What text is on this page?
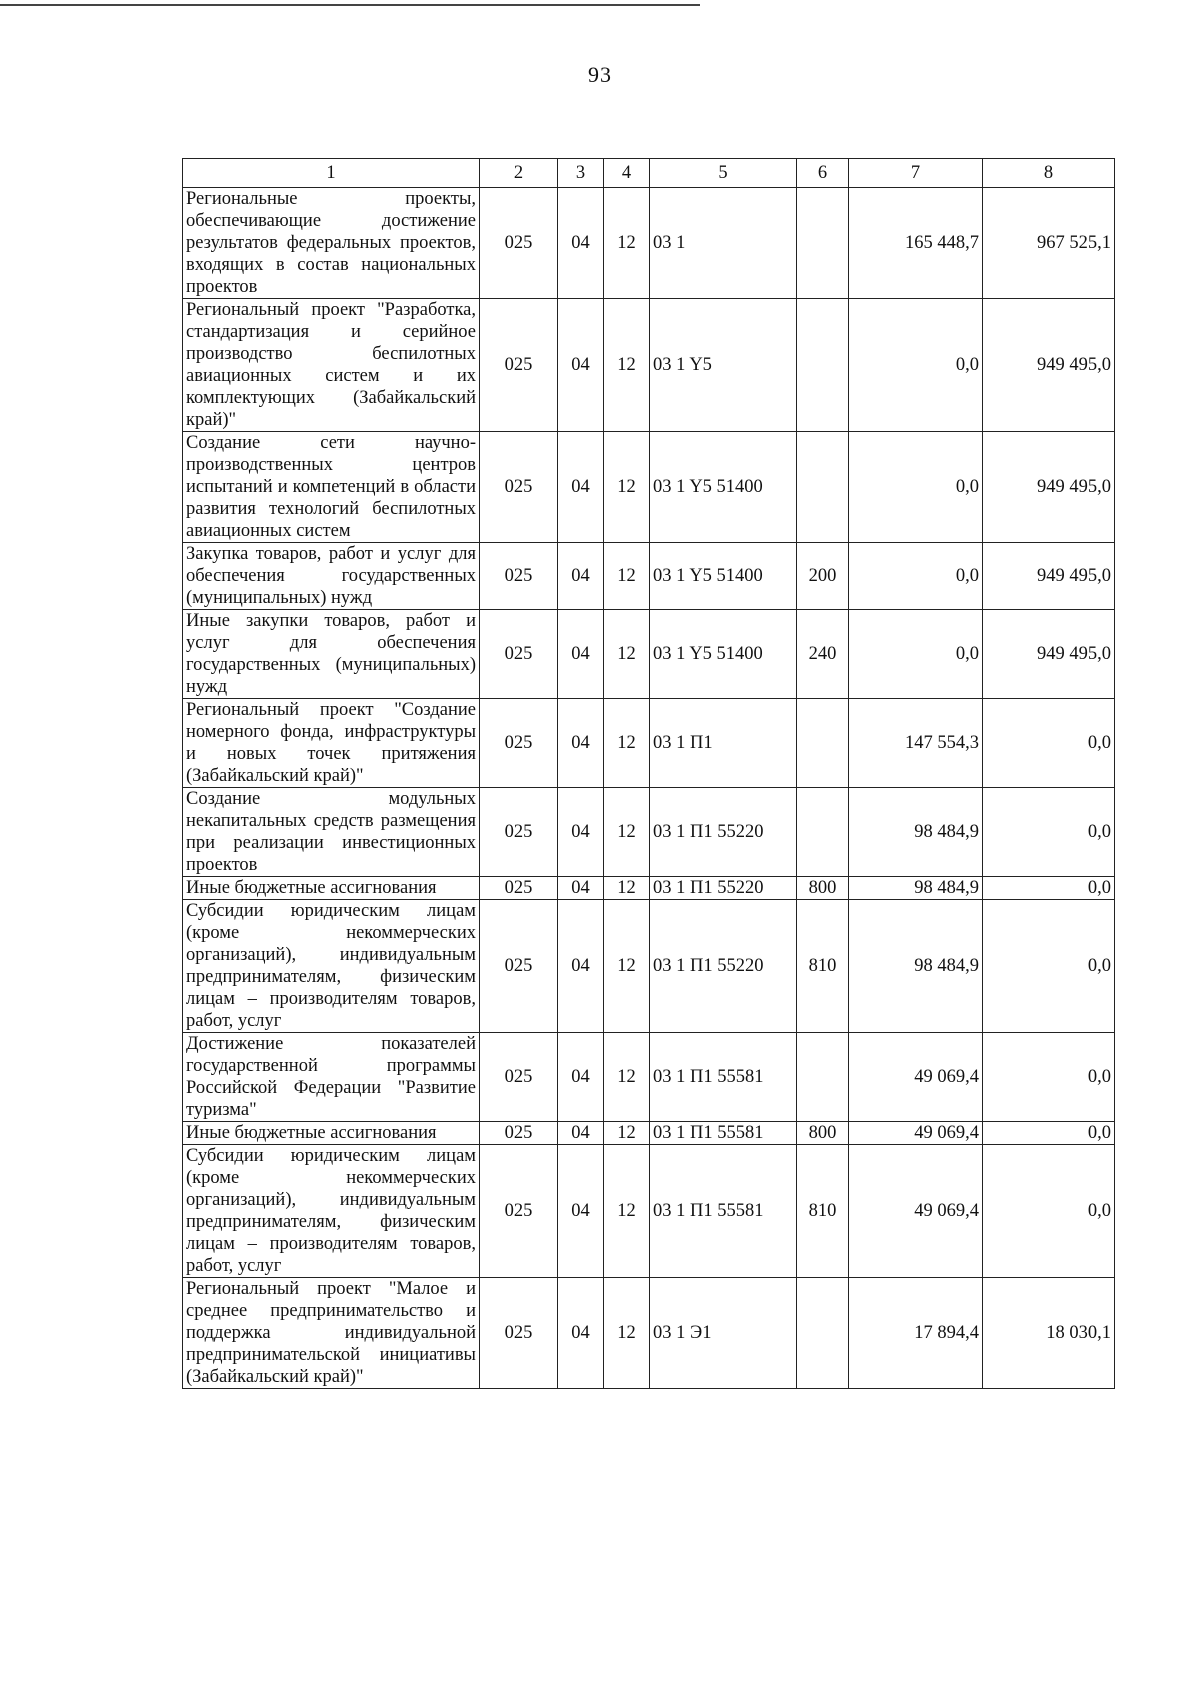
93
1	2	3	4	5	6	7	8
Региональные проекты, обеспечивающие достижение результатов федеральных проектов, входящих в состав национальных проектов	025	04	12	03 1		165 448,7	967 525,1
Региональный проект "Разработка, стандартизация и серийное производство беспилотных авиационных систем и их комплектующих (Забайкальский край)"	025	04	12	03 1 Y5		0,0	949 495,0
Создание сети научно-производственных центров испытаний и компетенций в области развития технологий беспилотных авиационных систем	025	04	12	03 1 Y5 51400		0,0	949 495,0
Закупка товаров, работ и услуг для обеспечения государственных (муниципальных) нужд	025	04	12	03 1 Y5 51400	200	0,0	949 495,0
Иные закупки товаров, работ и услуг для обеспечения государственных (муниципальных) нужд	025	04	12	03 1 Y5 51400	240	0,0	949 495,0
Региональный проект "Создание номерного фонда, инфраструктуры и новых точек притяжения (Забайкальский край)"	025	04	12	03 1 П1		147 554,3	0,0
Создание модульных некапитальных средств размещения при реализации инвестиционных проектов	025	04	12	03 1 П1 55220		98 484,9	0,0
Иные бюджетные ассигнования	025	04	12	03 1 П1 55220	800	98 484,9	0,0
Субсидии юридическим лицам (кроме некоммерческих организаций), индивидуальным предпринимателям, физическим лицам – производителям товаров, работ, услуг	025	04	12	03 1 П1 55220	810	98 484,9	0,0
Достижение показателей государственной программы Российской Федерации "Развитие туризма"	025	04	12	03 1 П1 55581		49 069,4	0,0
Иные бюджетные ассигнования	025	04	12	03 1 П1 55581	800	49 069,4	0,0
Субсидии юридическим лицам (кроме некоммерческих организаций), индивидуальным предпринимателям, физическим лицам – производителям товаров, работ, услуг	025	04	12	03 1 П1 55581	810	49 069,4	0,0
Региональный проект "Малое и среднее предпринимательство и поддержка индивидуальной предпринимательской инициативы (Забайкальский край)"	025	04	12	03 1 Э1		17 894,4	18 030,1
